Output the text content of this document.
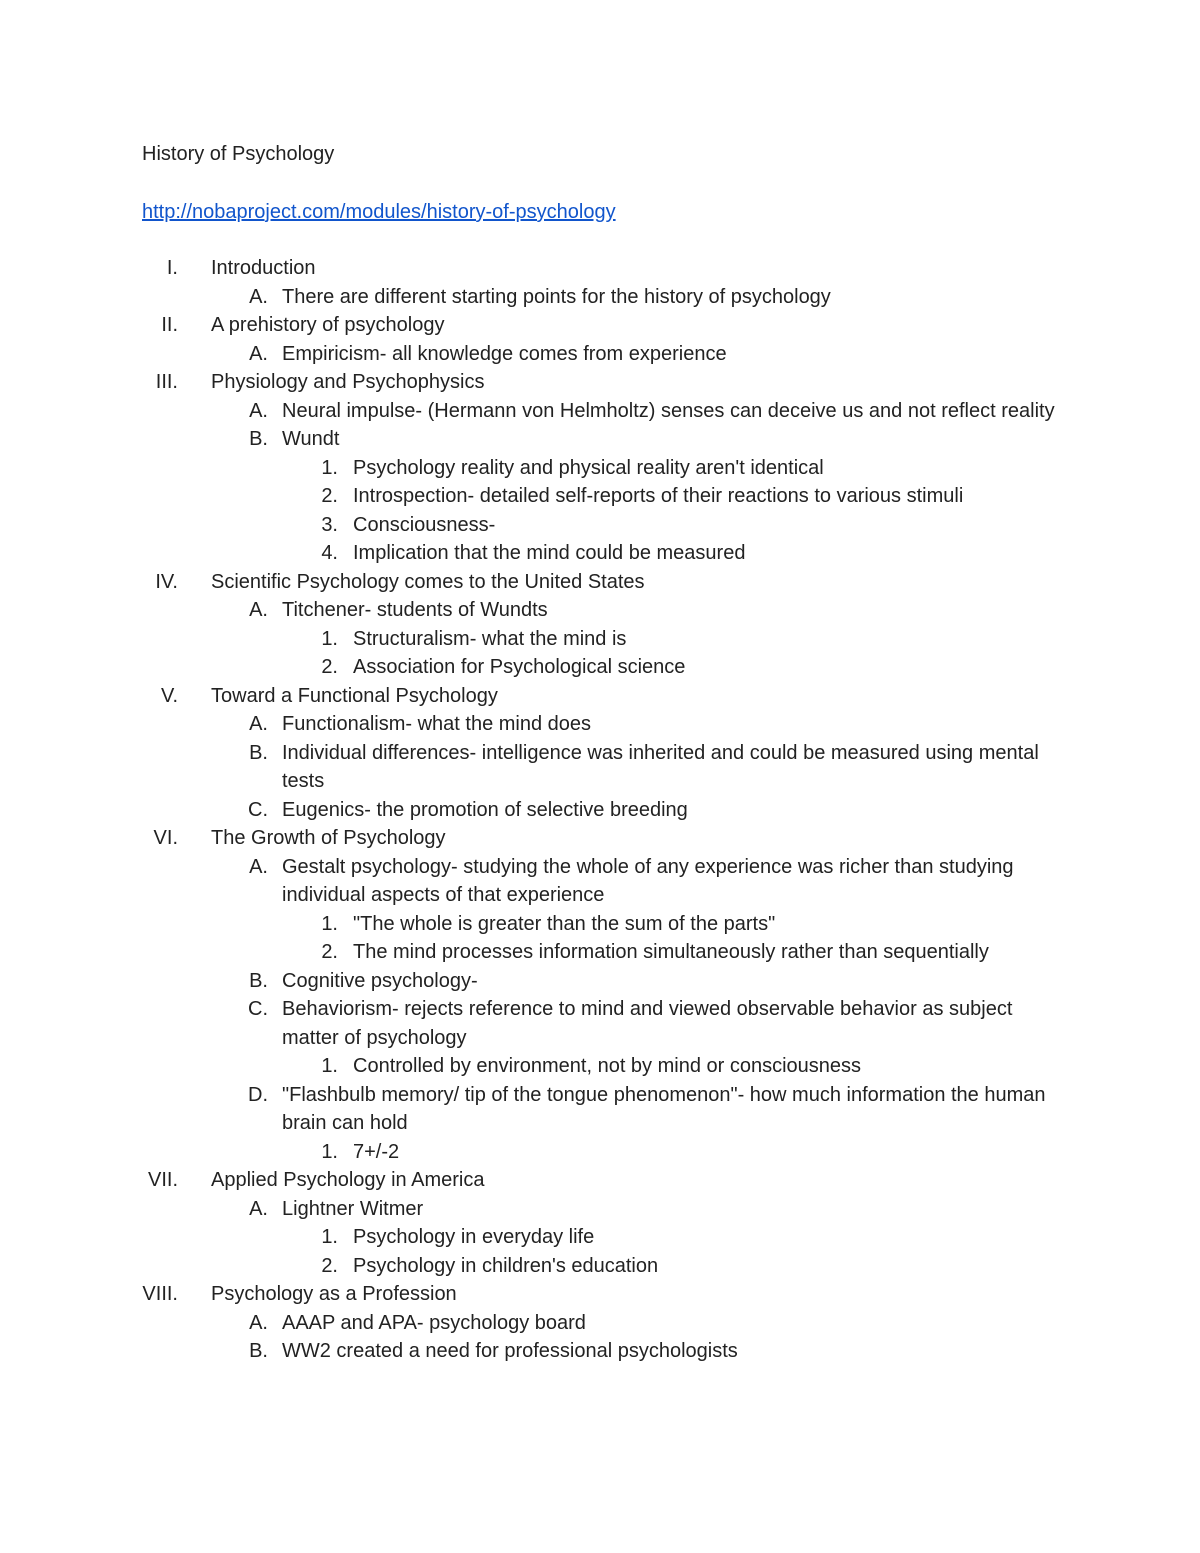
History of Psychology
http://nobaproject.com/modules/history-of-psychology
I. Introduction
A. There are different starting points for the history of psychology
II. A prehistory of psychology
A. Empiricism- all knowledge comes from experience
III. Physiology and Psychophysics
A. Neural impulse- (Hermann von Helmholtz) senses can deceive us and not reflect reality
B. Wundt
1. Psychology reality and physical reality aren't identical
2. Introspection- detailed self-reports of their reactions to various stimuli
3. Consciousness-
4. Implication that the mind could be measured
IV. Scientific Psychology comes to the United States
A. Titchener- students of Wundts
1. Structuralism- what the mind is
2. Association for Psychological science
V. Toward a Functional Psychology
A. Functionalism- what the mind does
B. Individual differences- intelligence was inherited and could be measured using mental tests
C. Eugenics- the promotion of selective breeding
VI. The Growth of Psychology
A. Gestalt psychology- studying the whole of any experience was richer than studying individual aspects of that experience
1. "The whole is greater than the sum of the parts"
2. The mind processes information simultaneously rather than sequentially
B. Cognitive psychology-
C. Behaviorism- rejects reference to mind and viewed observable behavior as subject matter of psychology
1. Controlled by environment, not by mind or consciousness
D. "Flashbulb memory/ tip of the tongue phenomenon"- how much information the human brain can hold
1. 7+/-2
VII. Applied Psychology in America
A. Lightner Witmer
1. Psychology in everyday life
2. Psychology in children's education
VIII. Psychology as a Profession
A. AAAP and APA- psychology board
B. WW2 created a need for professional psychologists
